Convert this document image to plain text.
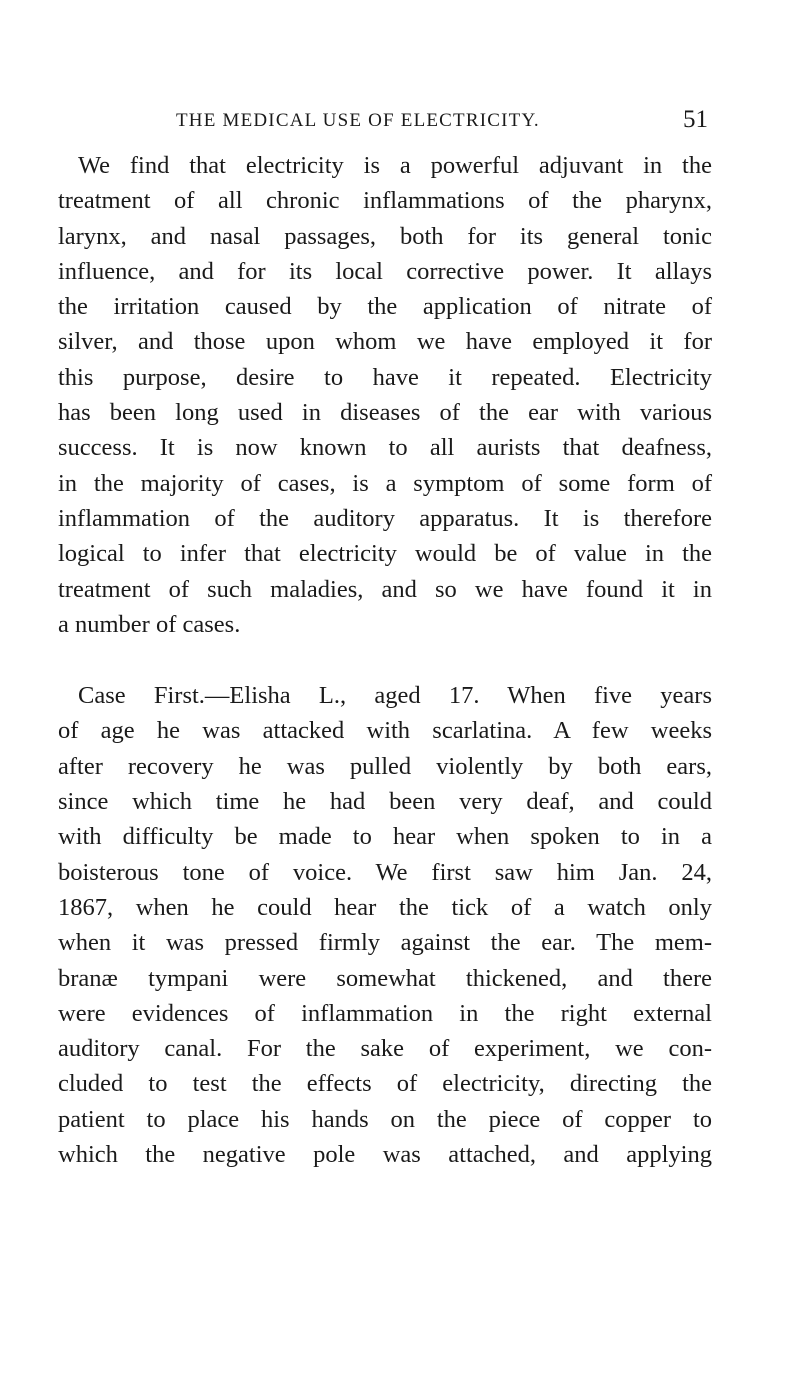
THE MEDICAL USE OF ELECTRICITY.	51
We find that electricity is a powerful adjuvant in the
treatment of all chronic inflammations of the pharynx,
larynx, and nasal passages, both for its general tonic
influence, and for its local corrective power. It allays
the irritation caused by the application of nitrate of
silver, and those upon whom we have employed it for
this purpose, desire to have it repeated. Electricity
has been long used in diseases of the ear with various
success. It is now known to all aurists that deafness,
in the majority of cases, is a symptom of some form of
inflammation of the auditory apparatus. It is therefore
logical to infer that electricity would be of value in the
treatment of such maladies, and so we have found it in
a number of cases.
Case First.—Elisha L., aged 17. When five years
of age he was attacked with scarlatina. A few weeks
after recovery he was pulled violently by both ears,
since which time he had been very deaf, and could
with difficulty be made to hear when spoken to in a
boisterous tone of voice. We first saw him Jan. 24,
1867, when he could hear the tick of a watch only
when it was pressed firmly against the ear. The mem-
branæ tympani were somewhat thickened, and there
were evidences of inflammation in the right external
auditory canal. For the sake of experiment, we con-
cluded to test the effects of electricity, directing the
patient to place his hands on the piece of copper to
which the negative pole was attached, and applying
